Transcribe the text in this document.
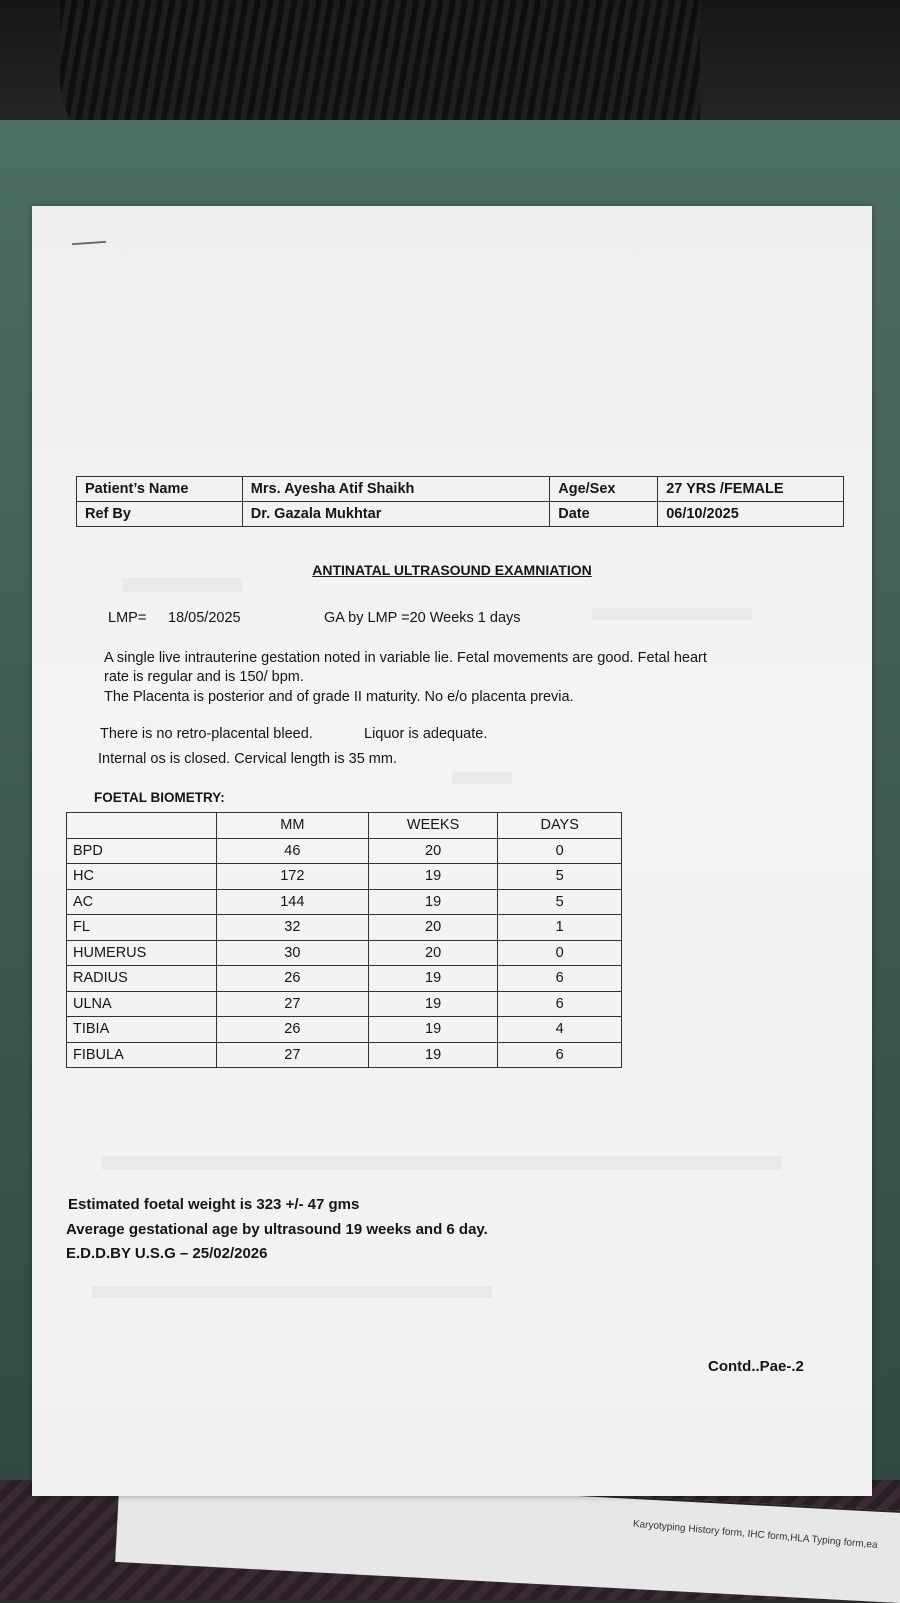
Karyotyping History form, IHC form,HLA Typing form,ea
Patient’s Name	Mrs. Ayesha Atif Shaikh	Age/Sex	27 YRS /FEMALE
Ref By	Dr. Gazala Mukhtar	Date	06/10/2025
ANTINATAL ULTRASOUND EXAMNIATION
LMP= 18/05/2025	GA by LMP =20 Weeks 1 days
A single live intrauterine gestation noted in variable lie. Fetal movements are good. Fetal heart
rate is regular and is 150/ bpm.
The Placenta is posterior and of grade II maturity. No e/o placenta previa.
There is no retro-placental bleed.	Liquor is adequate.
Internal os is closed. Cervical length is 35 mm.
FOETAL BIOMETRY:
	MM	WEEKS	DAYS
BPD	46	20	0
HC	172	19	5
AC	144	19	5
FL	32	20	1
HUMERUS	30	20	0
RADIUS	26	19	6
ULNA	27	19	6
TIBIA	26	19	4
FIBULA	27	19	6
Estimated foetal weight is 323 +/- 47 gms
Average gestational age by ultrasound 19 weeks and 6 day.
E.D.D.BY U.S.G – 25/02/2026
Contd..Pae-.2
